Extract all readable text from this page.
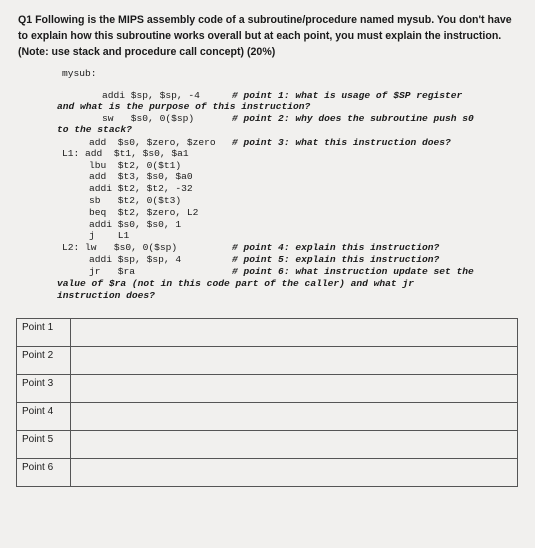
Q1 Following is the MIPS assembly code of a subroutine/procedure named mysub. You don't have to explain how this subroutine works overall but at each point, you must explain the instruction. (Note: use stack and procedure call concept) (20%)

mysub:
addi $sp, $sp, -4	# point 1: what is usage of $SP register
and what is the purpose of this instruction?
sw   $s0, 0($sp)	# point 2: why does the subroutine push s0
to the stack?
add  $s0, $zero, $zero # point 3: what this instruction does?
L1: add  $t1, $s0, $a1
lbu  $t2, 0($t1)
add  $t3, $s0, $a0
addi $t2, $t2, -32
sb   $t2, 0($t3)
beq  $t2, $zero, L2
addi $s0, $s0, 1
j    L1
L2: lw   $s0, 0($sp)	# point 4: explain this instruction?
addi $sp, $sp, 4	# point 5: explain this instruction?
jr   $ra	# point 6: what instruction update set the
value of $ra (not in this code part of the caller) and what jr
instruction does?
Point 1	
Point 2	
Point 3	
Point 4	
Point 5	
Point 6	
